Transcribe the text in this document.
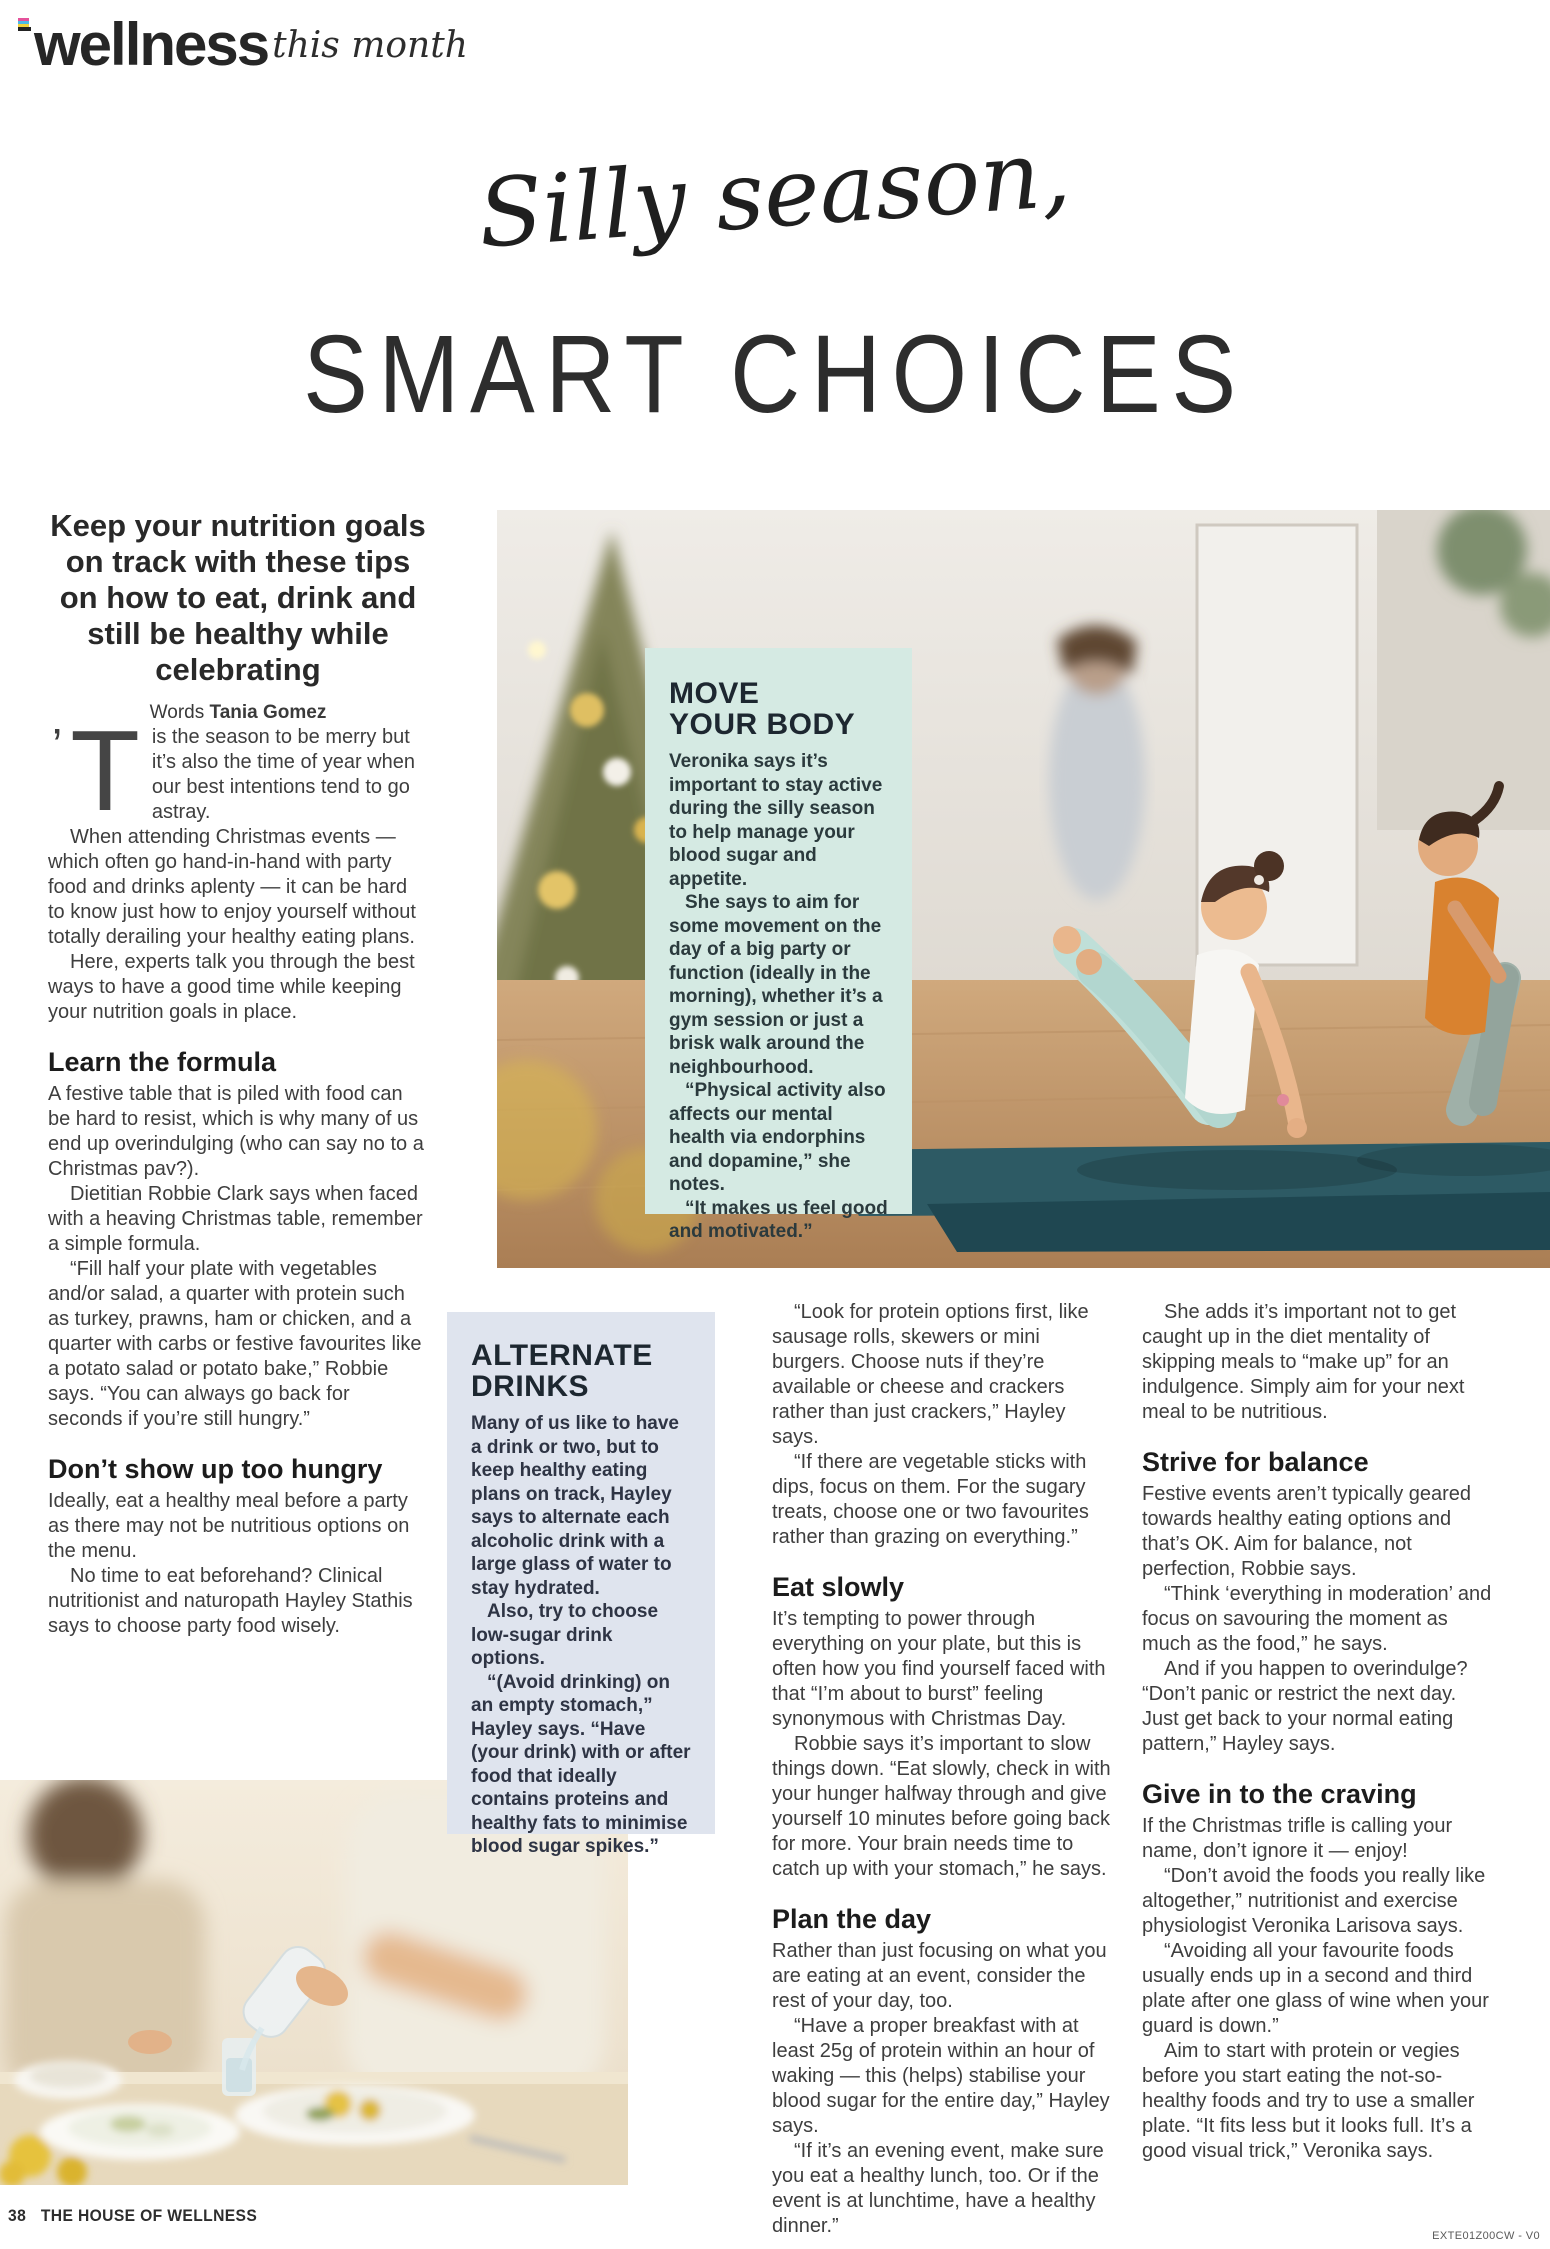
wellness this month
Silly season,
SMART CHOICES
MOVE
YOUR BODY

Veronika says it’s important to stay active during the silly season to help manage your blood sugar and appetite.

She says to aim for some movement on the day of a big party or function (ideally in the morning), whether it’s a gym session or just a brisk walk around the neighbourhood.

“Physical activity also affects our mental health via endorphins and dopamine,” she notes.

“It makes us feel good and motivated.”

Keep your nutrition goals on track with these tips on how to eat, drink and still be healthy while celebrating

Words Tania Gomez

’ T is the season to be merry but it’s also the time of year when our best intentions tend to go astray.

When attending Christmas events — which often go hand-in-hand with party food and drinks aplenty — it can be hard to know just how to enjoy yourself without totally derailing your healthy eating plans.

Here, experts talk you through the best ways to have a good time while keeping your nutrition goals in place.

Learn the formula

A festive table that is piled with food can be hard to resist, which is why many of us end up overindulging (who can say no to a Christmas pav?).

Dietitian Robbie Clark says when faced with a heaving Christmas table, remember a simple formula.

“Fill half your plate with vegetables and/or salad, a quarter with protein such as turkey, prawns, ham or chicken, and a quarter with carbs or festive favourites like a potato salad or potato bake,” Robbie says. “You can always go back for seconds if you’re still hungry.”

Don’t show up too hungry

Ideally, eat a healthy meal before a party as there may not be nutritious options on the menu.

No time to eat beforehand? Clinical nutritionist and naturopath Hayley Stathis says to choose party food wisely.

ALTERNATE
DRINKS

Many of us like to have a drink or two, but to keep healthy eating plans on track, Hayley says to alternate each alcoholic drink with a large glass of water to stay hydrated.

Also, try to choose low-sugar drink options.

“(Avoid drinking) on an empty stomach,” Hayley says. “Have (your drink) with or after food that ideally contains proteins and healthy fats to minimise blood sugar spikes.”

“Look for protein options first, like sausage rolls, skewers or mini burgers. Choose nuts if they’re available or cheese and crackers rather than just crackers,” Hayley says.

“If there are vegetable sticks with dips, focus on them. For the sugary treats, choose one or two favourites rather than grazing on everything.”

Eat slowly

It’s tempting to power through everything on your plate, but this is often how you find yourself faced with that “I’m about to burst” feeling synonymous with Christmas Day.

Robbie says it’s important to slow things down. “Eat slowly, check in with your hunger halfway through and give yourself 10 minutes before going back for more. Your brain needs time to catch up with your stomach,” he says.

Plan the day

Rather than just focusing on what you are eating at an event, consider the rest of your day, too.

“Have a proper breakfast with at least 25g of protein within an hour of waking — this (helps) stabilise your blood sugar for the entire day,” Hayley says.

“If it’s an evening event, make sure you eat a healthy lunch, too. Or if the event is at lunchtime, have a healthy dinner.”

She adds it’s important not to get caught up in the diet mentality of skipping meals to “make up” for an indulgence. Simply aim for your next meal to be nutritious.

Strive for balance

Festive events aren’t typically geared towards healthy eating options and that’s OK. Aim for balance, not perfection, Robbie says.

“Think ‘everything in moderation’ and focus on savouring the moment as much as the food,” he says.

And if you happen to overindulge? “Don’t panic or restrict the next day. Just get back to your normal eating pattern,” Hayley says.

Give in to the craving

If the Christmas trifle is calling your name, don’t ignore it — enjoy!

“Don’t avoid the foods you really like altogether,” nutritionist and exercise physiologist Veronika Larisova says.

“Avoiding all your favourite foods usually ends up in a second and third plate after one glass of wine when your guard is down.”

Aim to start with protein or vegies before you start eating the not-so-healthy foods and try to use a smaller plate. “It fits less but it looks full. It’s a good visual trick,” Veronika says.

38 THE HOUSE OF WELLNESS
EXTE01Z00CW - V0
